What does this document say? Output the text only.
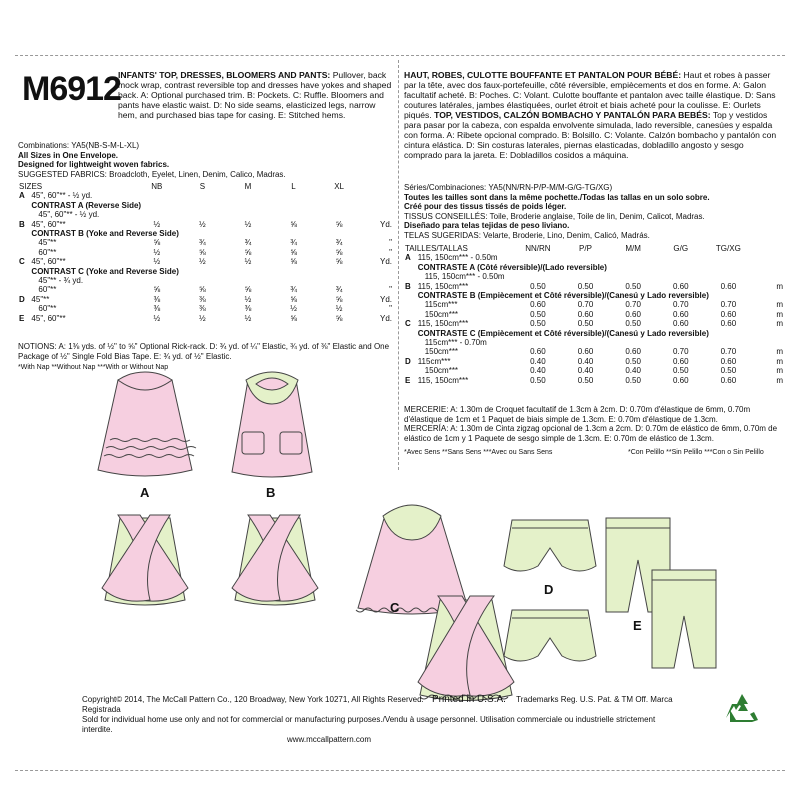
M6912
INFANTS' TOP, DRESSES, BLOOMERS AND PANTS: Pullover, back mock wrap, contrast reversible top and dresses have yokes and shaped back. A: Optional purchased trim. B: Pockets. C: Ruffle. Bloomers and pants have elastic waist. D: No side seams, elasticized legs, narrow hem, and purchased bias tape for casing. E: Stitched hems.
Combinations: YA5(NB-S-M-L-XL)
All Sizes in One Envelope.
Designed for lightweight woven fabrics.
SUGGESTED FABRICS: Broadcloth, Eyelet, Linen, Denim, Calico, Madras.
SIZES		NB	S	M	L	XL	
A	45", 60"** - ½ yd.						
	CONTRAST A (Reverse Side)						
	45", 60"** - ½ yd.						
B	45", 60"**	½	½	½	⅝	⅝	Yd.
	CONTRAST B (Yoke and Reverse Side)						
	45"**	⅝	¾	¾	¾	¾	"
	60"**	½	⅝	⅝	⅝	⅝	"
C	45", 60"**	½	½	½	⅝	⅝	Yd.
	CONTRAST C (Yoke and Reverse Side)						
	45"** - ¾ yd.						
	60"**	⅝	⅝	⅝	¾	¾	"
D	45"**	⅜	⅜	½	⅝	⅝	Yd.
	60"**	⅜	⅜	⅜	½	½	"
E	45", 60"**	½	½	½	⅝	⅝	Yd.
NOTIONS: A: 1⅜ yds. of ½" to ⅝" Optional Rick-rack. D: ¾ yd. of ¼" Elastic, ¾ yd. of ⅜" Elastic and One Package of ½" Single Fold Bias Tape. E: ¾ yd. of ½" Elastic.
*With Nap **Without Nap ***With or Without Nap
HAUT, ROBES, CULOTTE BOUFFANTE ET PANTALON POUR BÉBÉ: Haut et robes à passer par la tête, avec dos faux-portefeuille, côté réversible, empiècements et dos en forme. A: Galon facultatif acheté. B: Poches. C: Volant. Culotte bouffante et pantalon avec taille élastique. D: Sans coutures latérales, jambes élastiquées, ourlet étroit et biais acheté pour la coulisse. E: Ourlets piqués. TOP, VESTIDOS, CALZÓN BOMBACHO Y PANTALÓN PARA BEBÉS: Top y vestidos para pasar por la cabeza, con espalda envolvente simulada, lado reversible, canesúes y espalda con forma. A: Ribete opcional comprado. B: Bolsillo. C: Volante. Calzón bombacho y pantalón con cintura elástica. D: Sin costuras laterales, piernas elasticadas, dobladillo angosto y sesgo comprado para la jareta. E: Dobladillos cosidos a máquina.
Séries/Combinaciones: YA5(NN/RN-P/P-M/M-G/G-TG/XG)
Toutes les tailles sont dans la même pochette./Todas las tallas en un solo sobre.
Créé pour des tissus tissés de poids léger.
TISSUS CONSEILLÉS: Toile, Broderie anglaise, Toile de lin, Denim, Calicot, Madras.
Diseñado para telas tejidas de peso liviano.
TELAS SUGERIDAS: Velarte, Broderie, Lino, Denim, Calicó, Madrás.
TAILLES/TALLAS		NN/RN	P/P	M/M	G/G	TG/XG	
A	115, 150cm*** - 0.50m						
	CONTRASTE A (Côté réversible)/(Lado reversible)						
	115, 150cm*** - 0.50m						
B	115, 150cm***	0.50	0.50	0.50	0.60	0.60	m
	CONTRASTE B (Empiècement et Côté réversible)/(Canesú y Lado reversible)						
	115cm***	0.60	0.70	0.70	0.70	0.70	m
	150cm***	0.50	0.60	0.60	0.60	0.60	m
C	115, 150cm***	0.50	0.50	0.50	0.60	0.60	m
	CONTRASTE C (Empiècement et Côté réversible)/(Canesú y Lado reversible)						
	115cm*** - 0.70m						
	150cm***	0.60	0.60	0.60	0.70	0.70	m
D	115cm***	0.40	0.40	0.50	0.60	0.60	m
	150cm***	0.40	0.40	0.40	0.50	0.50	m
E	115, 150cm***	0.50	0.50	0.50	0.60	0.60	m
MERCERIE: A: 1.30m de Croquet facultatif de 1.3cm à 2cm. D: 0.70m d'élastique de 6mm, 0.70m d'élastique de 1cm et 1 Paquet de biais simple de 1.3cm. E: 0.70m d'élastique de 1.3cm.
MERCERÍA: A: 1.30m de Cinta zigzag opcional de 1.3cm a 2cm. D: 0.70m de elástico de 6mm, 0.70m de elástico de 1cm y 1 Paquete de sesgo simple de 1.3cm. E: 0.70m de elástico de 1.3cm.
*Avec Sens **Sans Sens ***Avec ou Sans Sens	*Con Pelillo **Sin Pelillo ***Con o Sin Pelillo
A	B
C
D
E
Copyright© 2014, The McCall Pattern Co., 120 Broadway, New York 10271, All Rights Reserved. Printed in U.S.A. Trademarks Reg. U.S. Pat. & TM Off. Marca Registrada
Sold for individual home use only and not for commercial or manufacturing purposes./Vendu à usage personnel. Utilisation commerciale ou industrielle strictement interdite.
www.mccallpattern.com
